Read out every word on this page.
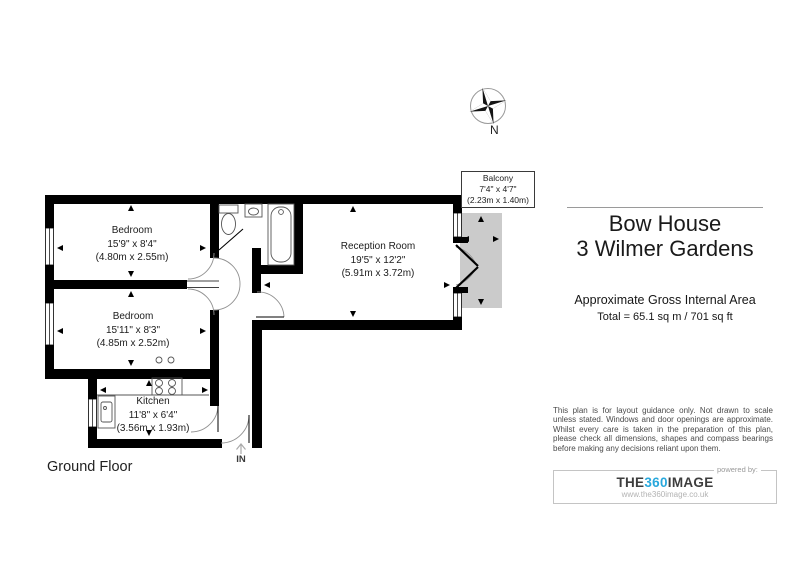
Bedroom
15'9" x 8'4"
(4.80m x 2.55m)
Bedroom
15'11" x 8'3"
(4.85m x 2.52m)
Kitchen
11'8" x 6'4"
(3.56m x 1.93m)
Reception Room
19'5" x 12'2"
(5.91m x 3.72m)
Balcony
7'4" x 4'7"
(2.23m x 1.40m)
IN
N
Ground Floor
Bow House
3 Wilmer Gardens
Approximate Gross Internal Area
Total = 65.1 sq m / 701 sq ft
This plan is for layout guidance only. Not drawn to scale unless stated. Windows and door openings are approximate. Whilst every care is taken in the preparation of this plan, please check all dimensions, shapes and compass bearings before making any decisions reliant upon them.
THE360IMAGE
www.the360image.co.uk
powered by:
